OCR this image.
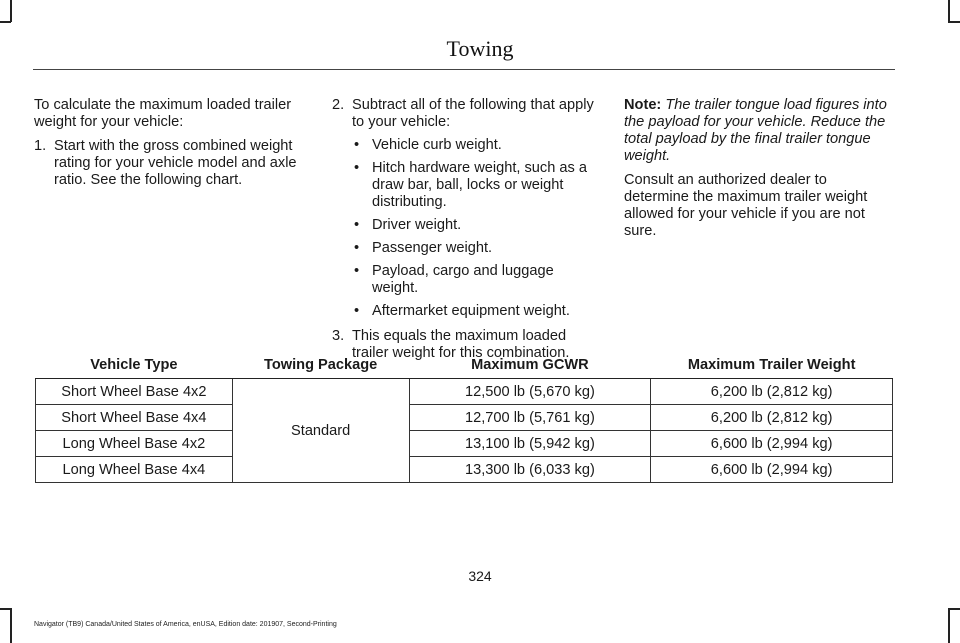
Towing

To calculate the maximum loaded trailer weight for your vehicle:

1. Start with the gross combined weight rating for your vehicle model and axle ratio. See the following chart.
2. Subtract all of the following that apply to your vehicle:
• Vehicle curb weight.
• Hitch hardware weight, such as a draw bar, ball, locks or weight distributing.
• Driver weight.
• Passenger weight.
• Payload, cargo and luggage weight.
• Aftermarket equipment weight.
3. This equals the maximum loaded trailer weight for this combination.

Note: The trailer tongue load figures into the payload for your vehicle. Reduce the total payload by the final trailer tongue weight.

Consult an authorized dealer to determine the maximum trailer weight allowed for your vehicle if you are not sure.

Vehicle Type	Towing Package	Maximum GCWR	Maximum Trailer Weight
Short Wheel Base 4x2	Standard	12,500 lb (5,670 kg)	6,200 lb (2,812 kg)
Short Wheel Base 4x4		12,700 lb (5,761 kg)	6,200 lb (2,812 kg)
Long Wheel Base 4x2		13,100 lb (5,942 kg)	6,600 lb (2,994 kg)
Long Wheel Base 4x4		13,300 lb (6,033 kg)	6,600 lb (2,994 kg)
324
Navigator (TB9) Canada/United States of America, enUSA, Edition date: 201907, Second-Printing
